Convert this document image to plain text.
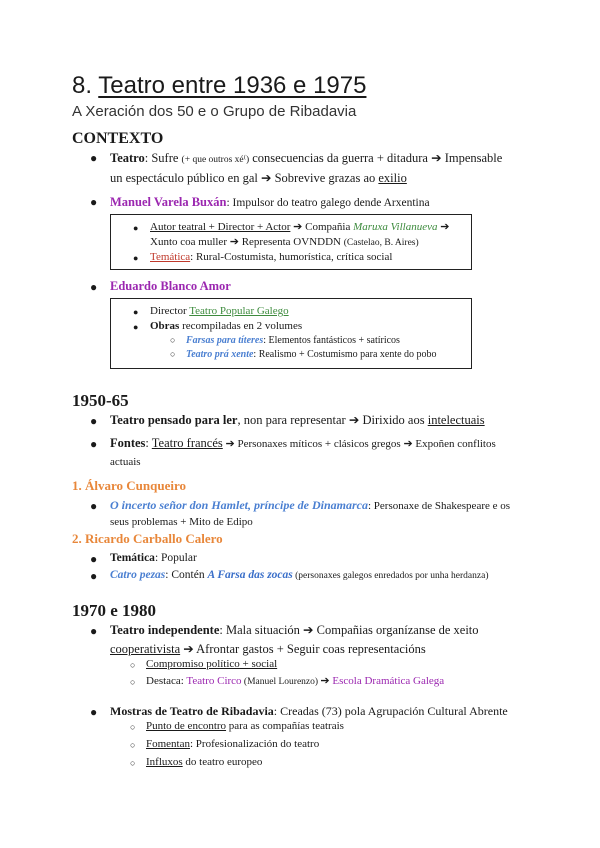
8. Teatro entre 1936 e 1975
A Xeración dos 50 e o Grupo de Ribadavia
CONTEXTO
● Teatro: Sufre (+ que outros xé⁽) consecuencias da guerra + ditadura ➔ Impensable
un espectáculo público en gal ➔ Sobrevive grazas ao exilio
● Manuel Varela Buxán: Impulsor do teatro galego dende Arxentina
● Autor teatral + Director + Actor ➔ Compañia Maruxa Villanueva ➔
Xunto coa muller ➔ Representa OVNDDN (Castelao, B. Aires)
● Temática: Rural-Costumista, humorística, crítica social
● Eduardo Blanco Amor
● Director Teatro Popular Galego
● Obras recompiladas en 2 volumes
○ Farsas para títeres: Elementos fantásticos + satíricos
○ Teatro prá xente: Realismo + Costumismo para xente do pobo
1950-65
● Teatro pensado para ler, non para representar ➔ Dirixido aos intelectuais
● Fontes: Teatro francés ➔ Personaxes míticos + clásicos gregos ➔ Expoñen conflitos
actuais
1. Álvaro Cunqueiro
● O incerto señor don Hamlet, príncipe de Dinamarca: Personaxe de Shakespeare e os
seus problemas + Mito de Edipo
2. Ricardo Carballo Calero
● Temática: Popular
● Catro pezas: Contén A Farsa das zocas (personaxes galegos enredados por unha herdanza)
1970 e 1980
● Teatro independente: Mala situación ➔ Compañias organízanse de xeito
cooperativista ➔ Afrontar gastos + Seguir coas representacións
○ Compromiso político + social
○ Destaca: Teatro Circo (Manuel Lourenzo) ➔ Escola Dramática Galega
● Mostras de Teatro de Ribadavia: Creadas (73) pola Agrupación Cultural Abrente
○ Punto de encontro para as compañías teatrais
○ Fomentan: Profesionalización do teatro
○ Influxos do teatro europeo
